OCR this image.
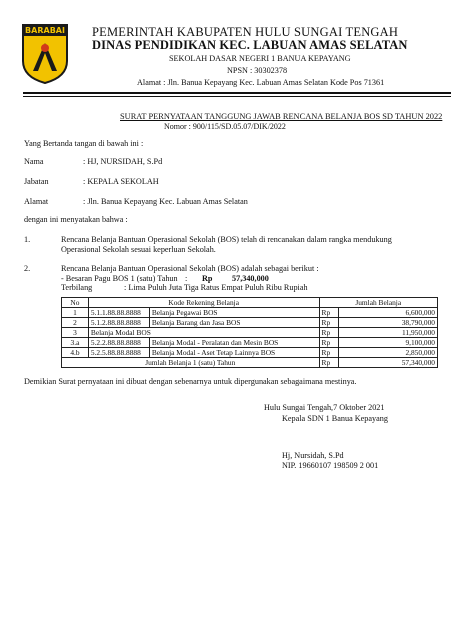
BARABAI PEMERINTAH KABUPATEN HULU SUNGAI TENGAH
DINAS PENDIDIKAN KEC. LABUAN AMAS SELATAN
SEKOLAH DASAR NEGERI 1 BANUA KEPAYANG
NPSN : 30302378
Alamat : Jln. Banua Kepayang Kec. Labuan Amas Selatan Kode Pos 71361
SURAT PERNYATAAN TANGGUNG JAWAB RENCANA BELANJA BOS SD TAHUN 2022
Nomor : 900/115/SD.05.07/DIK/2022
Yang Bertanda tangan di bawah ini :
Nama	: HJ, NURSIDAH, S.Pd
Jabatan	: KEPALA SEKOLAH
Alamat	: Jln. Banua Kepayang Kec. Labuan Amas Selatan
dengan ini menyatakan bahwa :
1.	Rencana Belanja Bantuan Operasional Sekolah (BOS) telah di rencanakan dalam rangka mendukung
Operasional Sekolah sesuai keperluan Sekolah.
2.	Rencana Belanja Bantuan Operasional Sekolah (BOS) adalah sebagai berikut :
- Besaran Pagu BOS 1 (satu) Tahun : Rp 57,340,000
Terbilang	: Lima Puluh Juta Tiga Ratus Empat Puluh Ribu Rupiah
No	Kode Rekening Belanja		Jumlah Belanja	
1	5.1.1.88.88.8888	Belanja Pegawai BOS	Rp	6,600,000
2	5.1.2.88.88.8888	Belanja Barang dan Jasa BOS	Rp	38,790,000
3	Belanja Modal BOS		Rp	11,950,000
3.a	5.2.2.88.88.8888	Belanja Modal - Peralatan dan Mesin BOS	Rp	9,100,000
4.b	5.2.5.88.88.8888	Belanja Modal - Aset Tetap Lainnya BOS	Rp	2,850,000
Jumlah Belanja 1 (satu) Tahun			Rp	57,340,000
Demikian Surat pernyataan ini dibuat dengan sebenarnya untuk dipergunakan sebagaimana mestinya.
Hulu Sungai Tengah,7 Oktober 2021
Kepala SDN 1 Banua Kepayang
Hj, Nursidah, S.Pd
NIP. 19660107 198509 2 001
